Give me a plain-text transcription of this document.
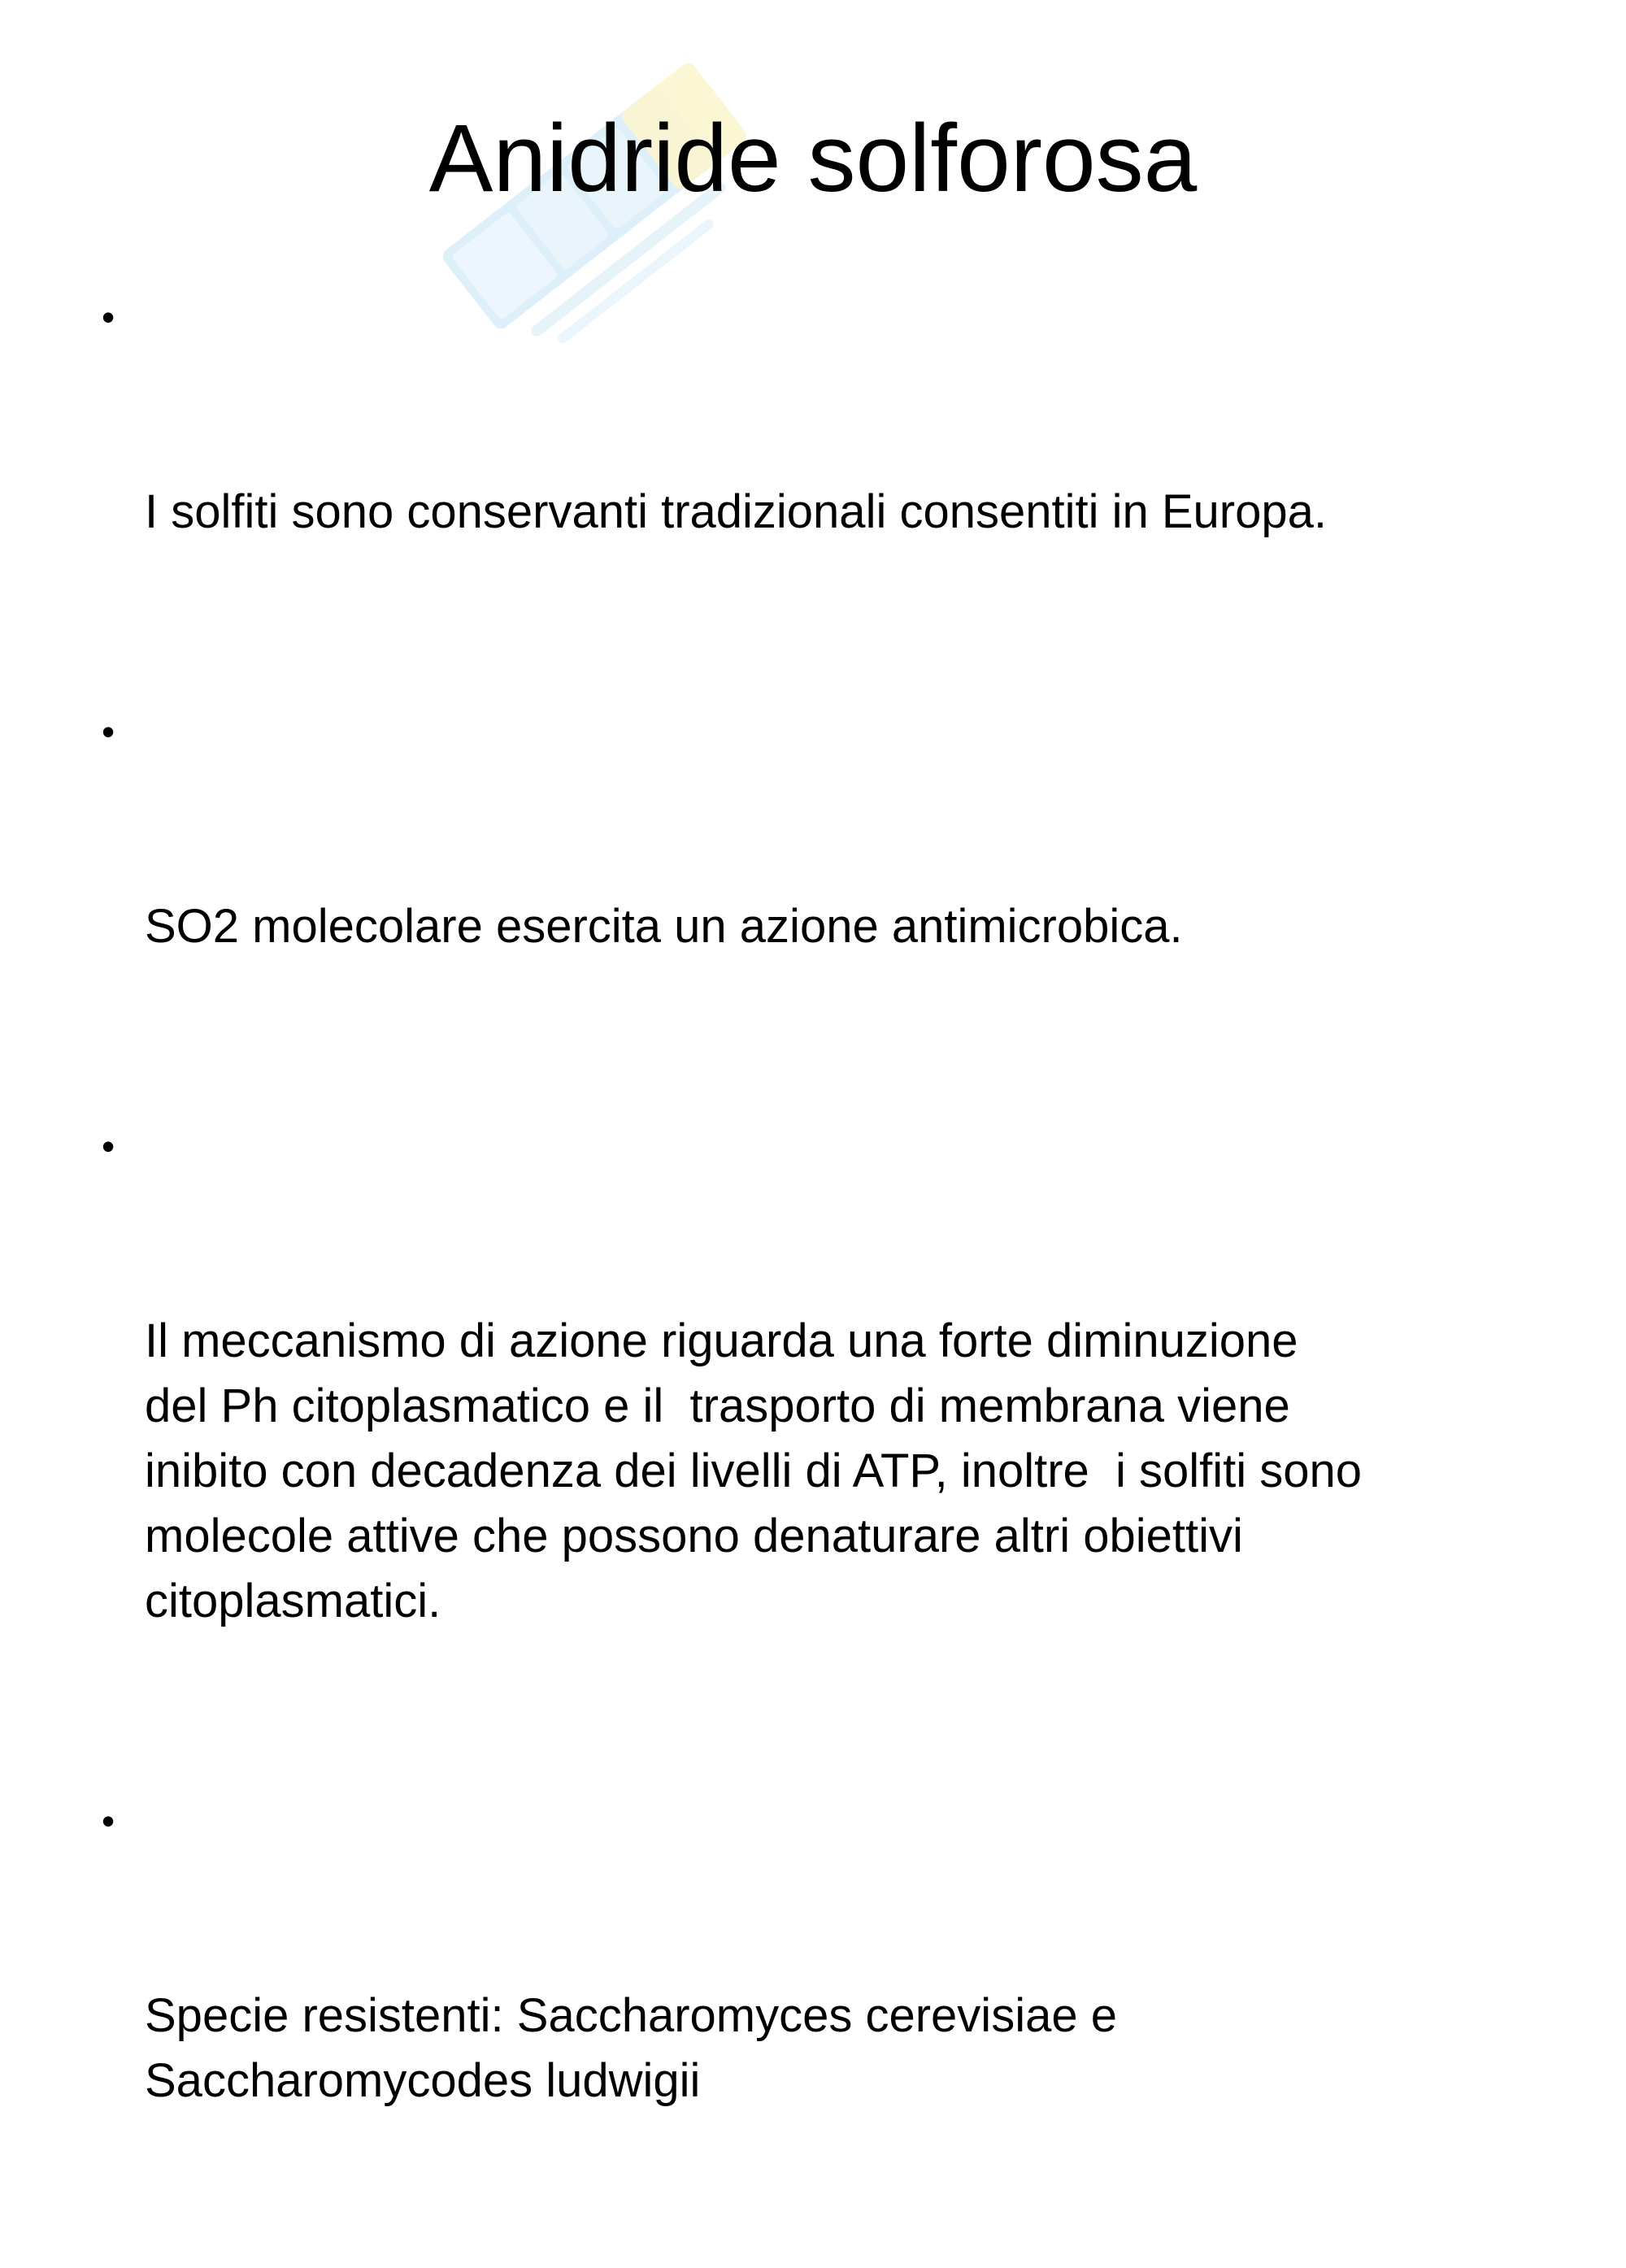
Anidride solforosa

•

I solfiti sono conservanti tradizionali consentiti in Europa.

•

SO2 molecolare esercita un azione antimicrobica.

•

Il meccanismo di azione riguarda una forte diminuzione
del Ph citoplasmatico e il  trasporto di membrana viene
inibito con decadenza dei livelli di ATP, inoltre  i solfiti sono
molecole attive che possono denaturare altri obiettivi
citoplasmatici.

•

Specie resistenti: Saccharomyces cerevisiae e
Saccharomycodes ludwigii
